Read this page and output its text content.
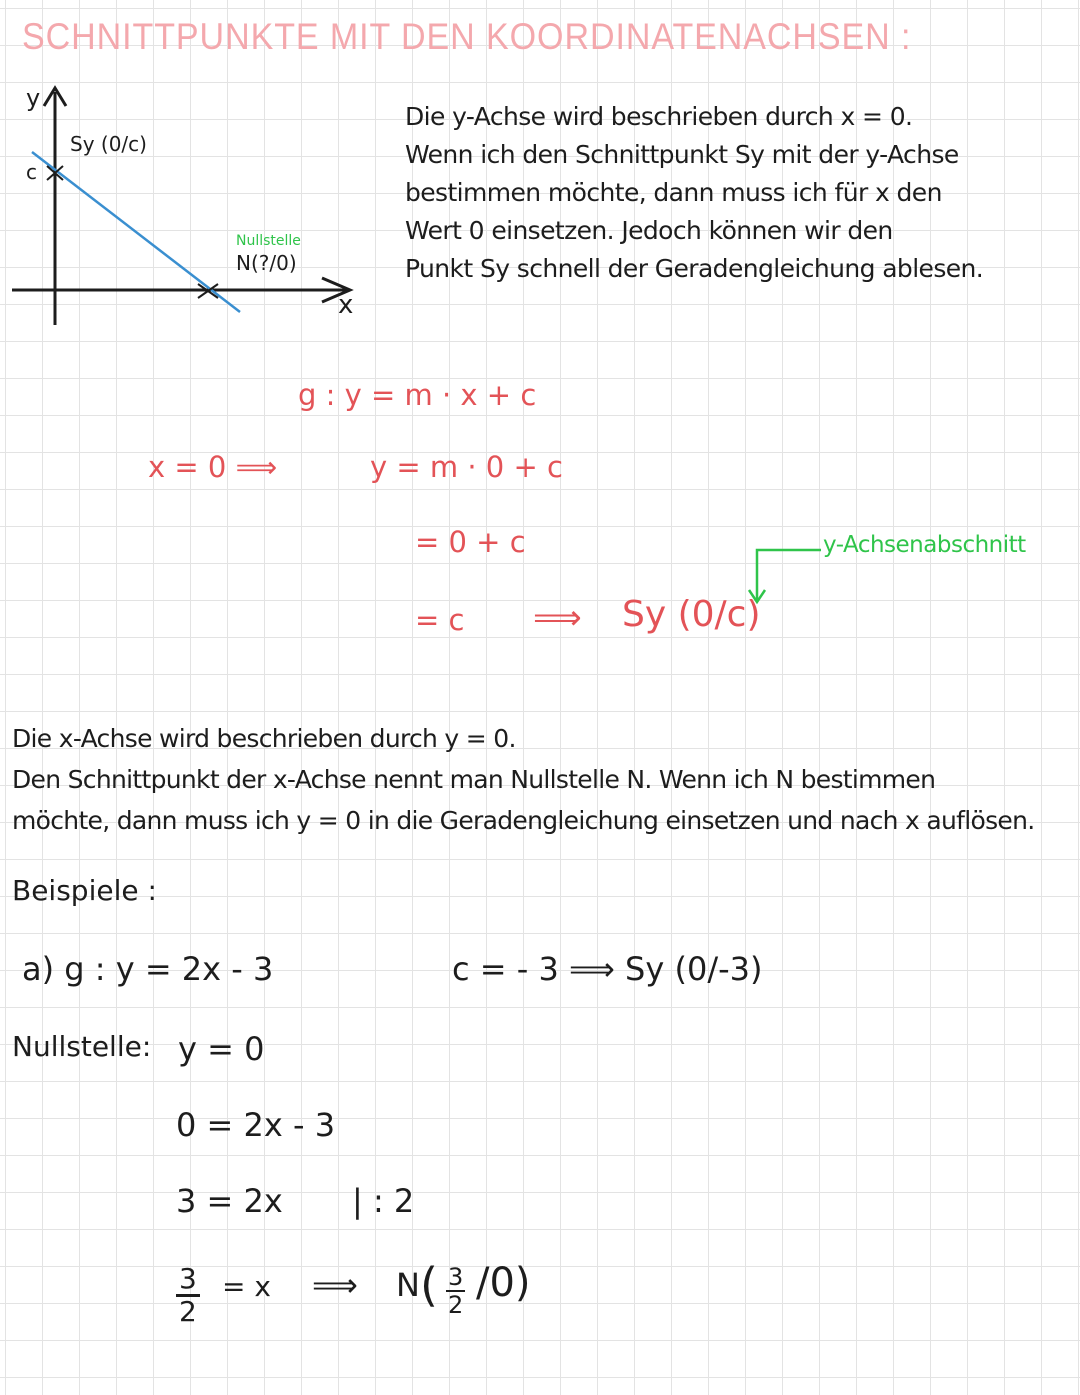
SCHNITTPUNKTE MIT DEN KOORDINATENACHSEN :
y
x
Sy (0/c)
c
Nullstelle
N(?/0)
Die y-Achse wird beschrieben durch x = 0.
Wenn ich den Schnittpunkt Sy mit der y-Achse
bestimmen möchte, dann muss ich für x den
Wert 0 einsetzen. Jedoch können wir den
Punkt Sy schnell der Geradengleichung ablesen.
g : y = m · x + c
x = 0 ⟹	y = m · 0 + c
= 0 + c
= c ⟹ Sy (0/c)
y-Achsenabschnitt
Die x-Achse wird beschrieben durch y = 0.
Den Schnittpunkt der x-Achse nennt man Nullstelle N. Wenn ich N bestimmen
möchte, dann muss ich y = 0 in die Geradengleichung einsetzen und nach x auflösen.
Beispiele :
a) g : y = 2x - 3	c = - 3 ⟹ Sy (0/-3)
Nullstelle: y = 0
0 = 2x - 3
3 = 2x | : 2
$\frac{3}{2} = x$ ⟹ N ( $\frac{3}{2} /0$)
